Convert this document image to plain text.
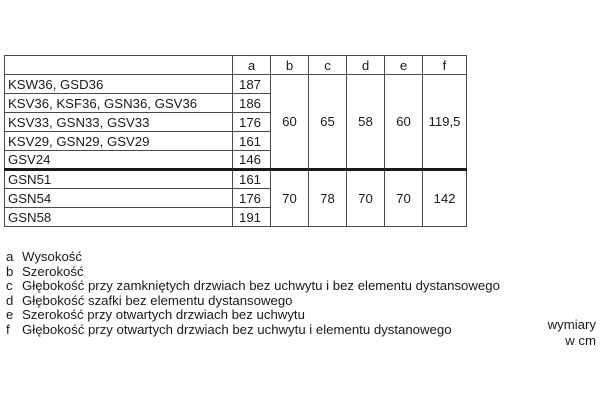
	a	b	c	d	e	f
KSW36, GSD36	187	60	65	58	60	119,5
KSV36, KSF36, GSN36, GSV36	186					
KSV33, GSN33, GSV33	176					
KSV29, GSN29, GSV29	161					
GSV24	146					
GSN51	161	70	78	70	70	142
GSN54	176					
GSN58	191					
a Wysokość
b Szerokość
c Głębokość przy zamkniętych drzwiach bez uchwytu i bez elementu dystansowego
d Głębokość szafki bez elementu dystansowego
e Szerokość przy otwartych drzwiach bez uchwytu
f Głębokość przy otwartych drzwiach bez uchwytu i elementu dystanowego	wymiary
w cm
